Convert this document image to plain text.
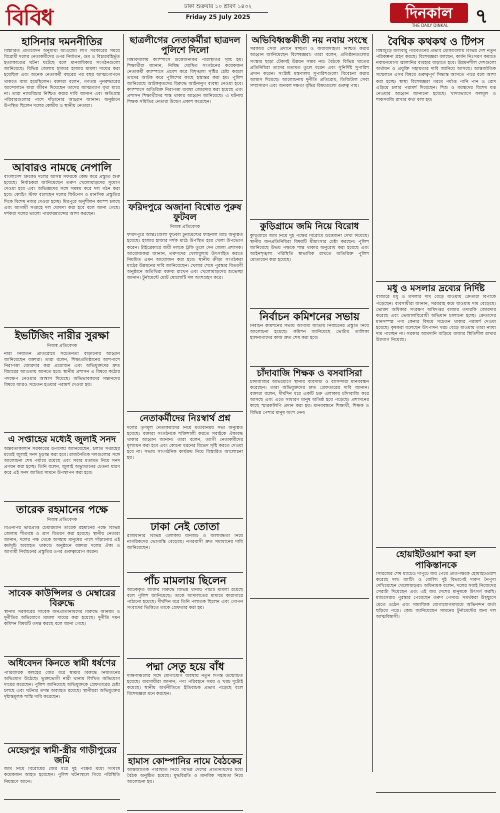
বিবিধ	ঢাকা শুক্রবার ১০ শ্রাবণ ১৪৩২
Friday 25 July 2025	দিনকাল
THE DAILY DINKAL	৭
হাসিনার দমননীতির

বিস্তারিত প্রতিবেদন অনুযায়ী আওয়ামী লীগ সরকারের সময়ে বিরোধী দলের নেতাকর্মীদের ওপর নির্যাতন, গুম ও বিচারবহির্ভূত হত্যাকাণ্ডের ঘটনা ঘটেছে বলে মানবাধিকার সংগঠনগুলো জানিয়েছে। বিভিন্ন জেলায় হাজার হাজার মামলা দায়ের করা হয়েছিল এবং অনেক নেতাকর্মী বছরের পর বছর আত্মগোপনে থাকতে বাধ্য হয়েছিলেন। বক্তারা বলেন, গণতন্ত্র পুনরুদ্ধারের আন্দোলনে যারা জীবন দিয়েছেন তাদের আত্মত্যাগ বৃথা যাবে না। তারা ন্যায়বিচার নিশ্চিত করার দাবি জানান এবং ক্ষতিগ্রস্ত পরিবারগুলোর পাশে দাঁড়ানোর আহ্বান জানান। অনুষ্ঠানে উপস্থিত ছিলেন দলের কেন্দ্রীয় ও স্থানীয় নেতারা।

আবারও নামছে নেপালি

বাংলাদেশ ক্রিকেট দলের আসন্ন সফরকে কেন্দ্র করে প্রস্তুতি শুরু হয়েছে। নির্বাচকরা জানিয়েছেন তরুণ খেলোয়াড়দের সুযোগ দেওয়া হবে এবং অভিজ্ঞদের সঙ্গে সমন্বয় করে দল গঠন করা হবে। কোচিং স্টাফ বলেছেন দলের ফিটনেস ও মানসিক প্রস্তুতির দিকে বিশেষ নজর দেওয়া হচ্ছে। মিরপুরে অনুশীলন ক্যাম্প চলছে এবং আগামী সপ্তাহে দল ঘোষণা করা হবে বলে জানা গেছে। দর্শকরা দলের ভালো পারফরম্যান্সের আশা করছেন।

ইভটিজিং নারীর সুরক্ষা
নিজস্ব প্রতিবেদক

নারী নির্যাতন প্রতিরোধে সচেতনতা বাড়ানোর আহ্বান জানিয়েছেন বক্তারা। তারা বলেন, শিক্ষাপ্রতিষ্ঠানের আশপাশে নিরাপত্তা জোরদার করা প্রয়োজন এবং অভিযুক্তদের দ্রুত বিচারের আওতায় আনতে হবে। স্থানীয় প্রশাসন এ বিষয়ে কঠোর পদক্ষেপ নেওয়ার আশ্বাস দিয়েছে। অভিভাবকদের সন্তানদের বিষয়ে আরও সচেতন হওয়ার পরামর্শ দেওয়া হয়।

এ সপ্তাহের মধ্যেই জুলাই সনদ

অন্তর্বর্তীকালীন সরকারের উপদেষ্টা জানিয়েছেন, চলতি সপ্তাহের মধ্যেই জুলাই সনদ চূড়ান্ত করা হবে। রাজনৈতিক দলগুলোর সঙ্গে আলোচনা শেষ পর্যায়ে রয়েছে এবং সবার মতামত নিয়ে সনদ প্রণয়ন করা হচ্ছে। তিনি বলেন, জুলাই অভ্যুত্থানের চেতনা ধারণ করে এই সনদ জাতির সামনে উপস্থাপন করা হবে।

তারেক রহমানের পক্ষে
নিজস্ব প্রতিবেদক

বিএনপির ভারপ্রাপ্ত চেয়ারম্যান তারেক রহমানের পক্ষে বিভিন্ন জেলায় শীতবস্ত্র ও ত্রাণ বিতরণ করা হয়েছে। স্থানীয় নেতারা জানান, দলের পক্ষ থেকে অসহায় মানুষের পাশে দাঁড়ানোর এই কর্মসূচি অব্যাহত থাকবে। অনুষ্ঠানে বক্তারা দলের ঐক্য ও আগামী নির্বাচনের প্রস্তুতির ওপর গুরুত্বারোপ করেন।

সাবেক কাউন্সিলর ও মেম্বারের বিরুদ্ধে

স্থানীয় সরকারের সাবেক জনপ্রতিনিধিদের বিরুদ্ধে অনিয়ম ও দুর্নীতির অভিযোগে মামলা দায়ের করা হয়েছে। দুর্নীতি দমন কমিশন বিষয়টি তদন্ত করছে বলে জানা গেছে।

অধিবেদন কিনতে স্বামী ধর্ষণের

পারিবারিক কলহের জের ধরে স্বামীর বিরুদ্ধে নির্যাতনের অভিযোগ উঠেছে। ভুক্তভোগী নারী থানায় লিখিত অভিযোগ দায়ের করেছেন। পুলিশ জানিয়েছে অভিযুক্তকে গ্রেফতারের চেষ্টা চলছে এবং ঘটনার তদন্ত অব্যাহত রয়েছে। স্থানীয়রা অভিযুক্তের দৃষ্টান্তমূলক শাস্তি দাবি করেছেন।

মেহেরপুর স্বামী-স্ত্রীর গাড়ীপুরের জমি

জমি নিয়ে বিরোধের জের ধরে দুই পক্ষের মধ্যে সংঘর্ষে কয়েকজন আহত হয়েছেন। পুলিশ ঘটনাস্থলে গিয়ে পরিস্থিতি নিয়ন্ত্রণে আনে।

ছাত্রলীগের নেতাকর্মীরা ছাত্রদল পুলিশে দিলো

বিশ্ববিদ্যালয় ক্যাম্পাসে উত্তেজনাকর পরিস্থিতির সৃষ্টি হয়। শিক্ষার্থীরা জানান, নিষিদ্ধ ঘোষিত সংগঠনের কয়েকজন নেতাকর্মী ক্যাম্পাসে প্রবেশ করে বিশৃঙ্খলা সৃষ্টির চেষ্টা করলে তাদের আটক করে পুলিশের কাছে হস্তান্তর করা হয়। পুলিশ জানিয়েছে আটককৃতদের বিরুদ্ধে আইনানুগ ব্যবস্থা নেওয়া হবে। ক্যাম্পাসে অতিরিক্ত নিরাপত্তা ব্যবস্থা জোরদার করা হয়েছে এবং প্রশাসন শিক্ষার্থীদের শান্ত থাকার আহ্বান জানিয়েছে। এ ঘটনায় শিক্ষক সমিতির নেতারা উদ্বেগ প্রকাশ করেছেন।

ফরিদপুরে অজানা বিশ্বোত পুরুষ ফুটবল
নিজস্ব প্রতিবেদক

ফরিদপুরে আন্তঃজেলা ফুটবল টুর্নামেন্টের ফাইনাল ম্যাচ অনুষ্ঠিত হয়েছে। হাজার হাজার দর্শক মাঠে উপস্থিত হয়ে খেলা উপভোগ করেন। টাইব্রেকারে জয়ী দলকে ট্রফি তুলে দেন জেলা প্রশাসক। আয়োজকরা জানান, তরুণদের খেলাধুলায় উৎসাহিত করতে নিয়মিত এমন আয়োজন করা হবে। স্থানীয় ক্রীড়া সংগঠকরা মাঠের উন্নয়নের দাবি জানিয়েছেন। খেলার শেষে পুরস্কার বিতরণী অনুষ্ঠানে অতিথিরা বক্তব্য রাখেন এবং খেলোয়াড়দের শুভেচ্ছা জানান। টুর্নামেন্টে মোট ষোলোটি দল অংশগ্রহণ করে।

নেতাকর্মীদের নিঃস্বার্থ প্রশ্ন

দলের তৃণমূল নেতাকর্মীদের নিয়ে মতবিনিময় সভা অনুষ্ঠিত হয়েছে। বক্তারা সংগঠনকে শক্তিশালী করতে সবাইকে ঐক্যবদ্ধ থাকার আহ্বান জানান। তারা বলেন, ত্যাগী নেতাকর্মীদের মূল্যায়ন করা হবে এবং কোনো ধরনের বিভেদ সৃষ্টি করতে দেওয়া হবে না। সভায় সাংগঠনিক কার্যক্রম নিয়ে বিস্তারিত আলোচনা হয়।

ঢাকা নেই তোতা

রাজধানীর বিভিন্ন এলাকায় যানজট ও জলাবদ্ধতা নিয়ে নাগরিকদের ভোগান্তি বেড়েছে। নগরবাসী দ্রুত সমাধানের দাবি জানিয়েছেন।

পাঁচ মামলায় ছিলেন

আটককৃত ব্যক্তির বিরুদ্ধে বিভিন্ন থানায় পাঁচটি মামলা রয়েছে বলে পুলিশ জানিয়েছে। তাকে আদালতের মাধ্যমে কারাগারে পাঠানো হয়েছে। দীর্ঘদিন ধরে তিনি পলাতক ছিলেন এবং গোপন সংবাদের ভিত্তিতে তাকে গ্রেফতার করা হয়।

পদ্মা সেতু হয়ে বাঁধ

দক্ষিণাঞ্চলের সঙ্গে যোগাযোগ ব্যবস্থায় নতুন দিগন্ত উন্মোচিত হয়েছে। ব্যবসায়ীরা জানান, পণ্য পরিবহনে সময় ও খরচ দুটোই কমেছে। স্থানীয় অর্থনীতিতে ইতিবাচক প্রভাব পড়েছে বলে বিশেষজ্ঞরা মনে করছেন।

হামাস কোম্পানির নামে বৈঠকের

আন্তর্জাতিক পরিস্থিতি নিয়ে বিভিন্ন দেশের প্রতিনিধিদের মধ্যে বৈঠক অনুষ্ঠিত হয়েছে। যুদ্ধবিরতি ও মানবিক সহায়তা নিয়ে আলোচনা হয়।

অভিবিধ্বস্তকীতী নয় নবায় সংস্থে

সরকারি সেবা প্রদানে স্বচ্ছতা ও জবাবদিহিতা নিশ্চিত করার আহ্বান জানিয়েছেন বিশেষজ্ঞরা। তারা বলেন, প্রতিষ্ঠানগুলোর সংস্কার ছাড়া টেকসই উন্নয়ন সম্ভব নয়। বৈঠকে বিভিন্ন খাতের প্রতিনিধিরা তাদের মতামত তুলে ধরেন এবং সুনির্দিষ্ট সুপারিশ প্রদান করেন। সংশ্লিষ্ট মন্ত্রণালয় সুপারিশগুলো বিবেচনা করার আশ্বাস দিয়েছে। আলোচনায় দুর্নীতি প্রতিরোধ, ডিজিটাল সেবা সম্প্রসারণ এবং জনবল দক্ষতা বৃদ্ধির বিষয়গুলো গুরুত্ব পায়।

কুড়িগ্রামে জমি নিয়ে বিরোধ

কুড়িগ্রামে জমি নিয়ে দুই পক্ষের বিরোধে উত্তেজনা দেখা দিয়েছে। স্থানীয় জনপ্রতিনিধিরা বিষয়টি মীমাংসার চেষ্টা করছেন। পুলিশ জানিয়েছে উভয় পক্ষকে শান্ত থাকার অনুরোধ করা হয়েছে এবং আইনশৃঙ্খলা পরিস্থিতি স্বাভাবিক রাখতে অতিরিক্ত পুলিশ মোতায়েন করা হয়েছে।

নির্বাচন কমিশনের সভায়

নির্বাচন কমিশনের সভায় আগামী জাতীয় নির্বাচনের প্রস্তুতি নিয়ে আলোচনা হয়েছে। কমিশন জানিয়েছে ভোটার তালিকা হালনাগাদের কাজ দ্রুত শেষ করা হবে।

চাঁদাবাজি শিক্ষক ও বসবাসিরা

চাঁদাবাজির অভিযোগে স্থানীয় ব্যবসায়ী ও বাসিন্দারা মানববন্ধন করেছেন। তারা অভিযুক্তদের দ্রুত গ্রেফতারের দাবি জানান। বক্তারা বলেন, দীর্ঘদিন ধরে একটি চক্র এলাকায় চাঁদাবাজি করে আসছে এবং এতে সাধারণ মানুষ অতিষ্ঠ হয়ে পড়েছে। প্রশাসনের কাছে স্মারকলিপি প্রদান করা হয়। মানববন্ধনে শিক্ষার্থী, শিক্ষক ও বিভিন্ন পেশার মানুষ অংশ নেন।

বৈশ্বিক কথকথ ও টিপস

বিশ্বজুড়ে জলবায়ু পরিবর্তনের প্রভাব মোকাবিলায় বিভিন্ন দেশ নতুন পরিকল্পনা গ্রহণ করছে। বিশেষজ্ঞরা বলছেন, কার্বন নিঃসরণ কমাতে নবায়নযোগ্য জ্বালানির ব্যবহার বাড়াতে হবে। উন্নয়নশীল দেশগুলো অর্থায়ন ও প্রযুক্তি সহায়তার দাবি জানিয়ে আসছে। আন্তর্জাতিক সম্মেলনে এসব বিষয়ে গুরুত্বপূর্ণ সিদ্ধান্ত আসতে পারে বলে আশা করা হচ্ছে। স্বাস্থ্য বিশেষজ্ঞরা গরমে পর্যাপ্ত পানি পান ও রোদ এড়িয়ে চলার পরামর্শ দিয়েছেন। শিশু ও বয়স্কদের বিশেষ যত্ন নেওয়ার আহ্বান জানানো হয়েছে। খাদ্যাভ্যাসে ফলমূল ও শাকসবজি রাখার কথা বলা হয়।

মধু ও মসলার দ্রব্যের নির্দিষ্ট

বাজারে মধু ও মসলার দাম বেড়ে যাওয়ায় ক্রেতারা বিপাকে পড়েছেন। ব্যবসায়ীরা জানান, সরবরাহ কমে যাওয়ায় দাম বেড়েছে। ভোক্তা অধিকার সংরক্ষণ অধিদপ্তর বাজার তদারকি জোরদার করেছে এবং ভেজালবিরোধী অভিযান চালানো হচ্ছে। ক্রেতাদের মানসম্পন্ন পণ্য কেনার বিষয়ে সচেতন থাকার পরামর্শ দেওয়া হয়েছে। কৃষকরা বলেছেন উৎপাদন খরচ বেড়ে যাওয়ায় তারা ন্যায্য দাম পাচ্ছেন না। সরকার আমদানি বাড়িয়ে বাজার স্থিতিশীল রাখার উদ্যোগ নিয়েছে।

হোয়াইটওয়াশ করা হল পাকিস্তানকে

সিরিজের শেষ ম্যাচেও দাপুটে জয় পেয়ে প্রতিপক্ষকে হোয়াইটওয়াশ করেছে দল। ব্যাটিং ও বোলিং দুই বিভাগেই দারুণ নৈপুণ্য দেখিয়েছেন খেলোয়াড়রা। অধিনায়ক বলেন, দলের সবাই নিজেদের সেরাটা দিয়েছেন এবং এই জয় দেশের মানুষকে উৎসর্গ করছি। ম্যাচসেরার পুরস্কার পেয়েছেন তরুণ পেসার। সমর্থকরা উচ্ছ্বাসে মেতে ওঠেন এবং সামাজিক যোগাযোগমাধ্যমে অভিনন্দন বার্তা ছড়িয়ে পড়ে। কোচ জানিয়েছেন সামনের টুর্নামেন্টের জন্য দল আত্মবিশ্বাসী।
